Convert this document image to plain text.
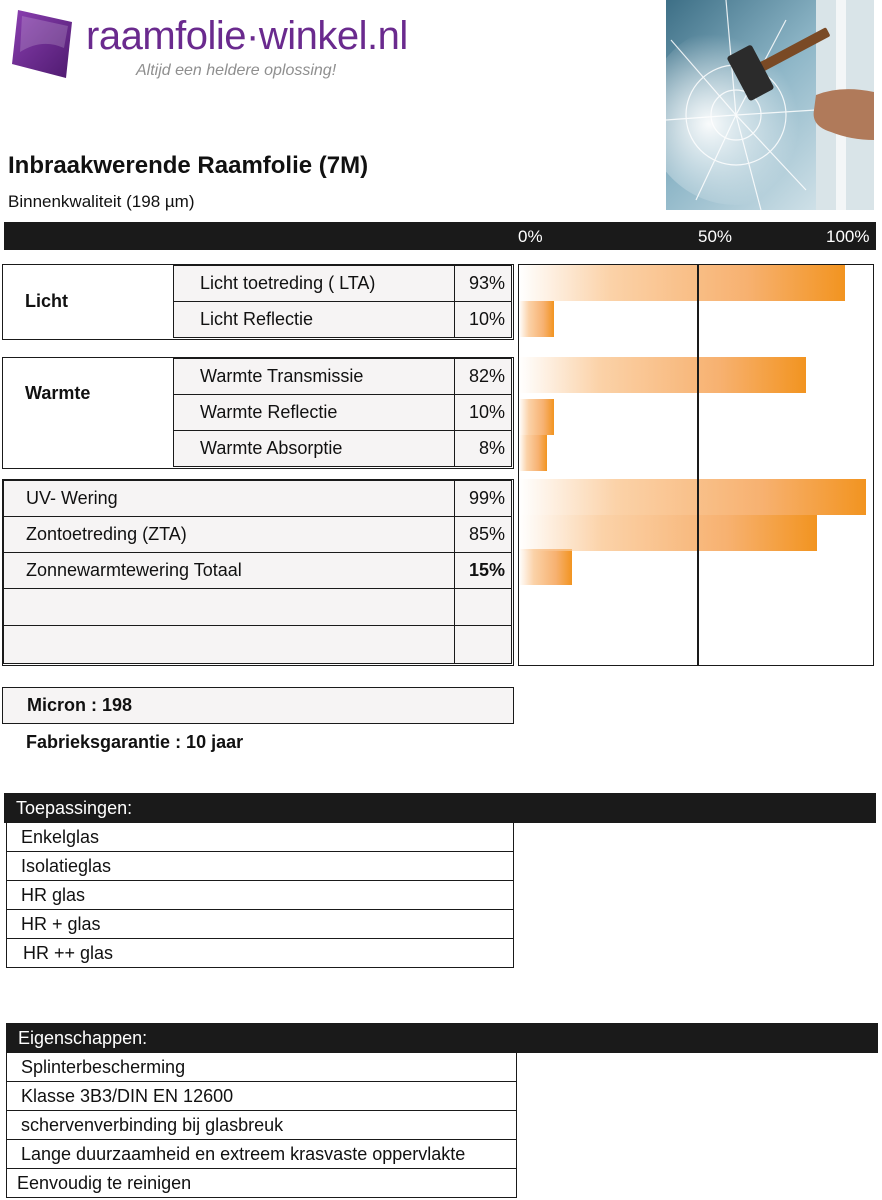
raamfolie·winkel.nl
Altijd een heldere oplossing!
Inbraakwerende Raamfolie (7M)
Binnenkwaliteit (198 µm)
0%	50%	100%
Licht
Licht toetreding ( LTA)	93%
Licht Reflectie	10%
Warmte
Warmte Transmissie	82%
Warmte Reflectie	10%
Warmte Absorptie	8%
UV- Wering	99%
Zontoetreding (ZTA)	85%
Zonnewarmtewering Totaal	15%
Micron : 198
Fabrieksgarantie : 10 jaar
Toepassingen:
Enkelglas
Isolatieglas
HR glas
HR + glas
HR ++ glas
Eigenschappen:
Splinterbescherming
Klasse 3B3/DIN EN 12600
schervenverbinding bij glasbreuk
Lange duurzaamheid en extreem krasvaste oppervlakte
Eenvoudig te reinigen
